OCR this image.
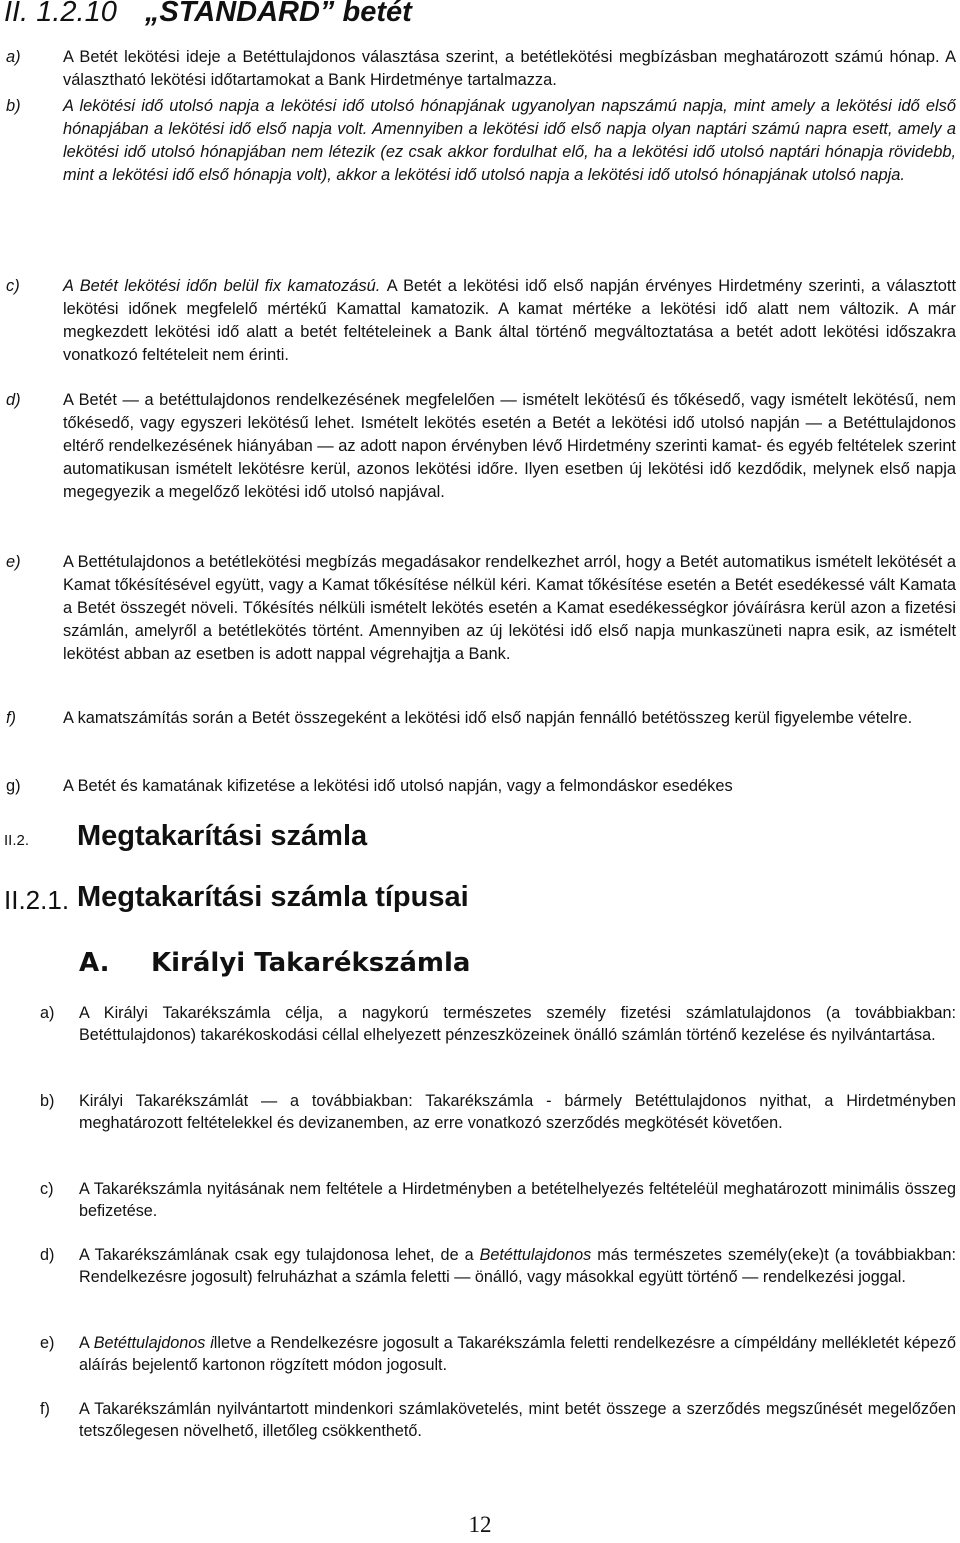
II. 1.2.10 „STANDARD” betét
a)	A Betét lekötési ideje a Betéttulajdonos választása szerint, a betétlekötési megbízásban meghatározott számú hónap. A választható lekötési időtartamokat a Bank Hirdetménye tartalmazza.
b)	A lekötési idő utolsó napja a lekötési idő utolsó hónapjának ugyanolyan napszámú napja, mint amely a lekötési idő első hónapjában a lekötési idő első napja volt. Amennyiben a lekötési idő első napja olyan naptári számú napra esett, amely a lekötési idő utolsó hónapjában nem létezik (ez csak akkor fordulhat elő, ha a lekötési idő utolsó naptári hónapja rövidebb, mint a lekötési idő első hónapja volt), akkor a lekötési idő utolsó napja a lekötési idő utolsó hónapjának utolsó napja.
c)	A Betét lekötési időn belül fix kamatozású. A Betét a lekötési idő első napján érvényes Hirdetmény szerinti, a választott lekötési időnek megfelelő mértékű Kamattal kamatozik. A kamat mértéke a lekötési idő alatt nem változik. A már megkezdett lekötési idő alatt a betét feltételeinek a Bank által történő megváltoztatása a betét adott lekötési időszakra vonatkozó feltételeit nem érinti.
d)	A Betét ― a betéttulajdonos rendelkezésének megfelelően ― ismételt lekötésű és tőkésedő, vagy ismételt lekötésű, nem tőkésedő, vagy egyszeri lekötésű lehet. Ismételt lekötés esetén a Betét a lekötési idő utolsó napján ― a Betéttulajdonos eltérő rendelkezésének hiányában ― az adott napon érvényben lévő Hirdetmény szerinti kamat- és egyéb feltételek szerint automatikusan ismételt lekötésre kerül, azonos lekötési időre. Ilyen esetben új lekötési idő kezdődik, melynek első napja megegyezik a megelőző lekötési idő utolsó napjával.
e)	A Bettétulajdonos a betétlekötési megbízás megadásakor rendelkezhet arról, hogy a Betét automatikus ismételt lekötését a Kamat tőkésítésével együtt, vagy a Kamat tőkésítése nélkül kéri. Kamat tőkésítése esetén a Betét esedékessé vált Kamata a Betét összegét növeli. Tőkésítés nélküli ismételt lekötés esetén a Kamat esedékességkor jóváírásra kerül azon a fizetési számlán, amelyről a betétlekötés történt. Amennyiben az új lekötési idő első napja munkaszüneti napra esik, az ismételt lekötést abban az esetben is adott nappal végrehajtja a Bank.
f)	A kamatszámítás során a Betét összegeként a lekötési idő első napján fennálló betétösszeg kerül figyelembe vételre.
g)	A Betét és kamatának kifizetése a lekötési idő utolsó napján, vagy a felmondáskor esedékes
II.2. Megtakarítási számla
II.2.1. Megtakarítási számla típusai
A. Királyi Takarékszámla
a) A Királyi Takarékszámla célja, a nagykorú természetes személy fizetési számlatulajdonos (a továbbiakban: Betéttulajdonos) takarékoskodási céllal elhelyezett pénzeszközeinek önálló számlán történő kezelése és nyilvántartása.
b) Királyi Takarékszámlát ― a továbbiakban: Takarékszámla - bármely Betéttulajdonos nyithat, a Hirdetményben meghatározott feltételekkel és devizanemben, az erre vonatkozó szerződés megkötését követően.
c) A Takarékszámla nyitásának nem feltétele a Hirdetményben a betételhelyezés feltételéül meghatározott minimális összeg befizetése.
d) A Takarékszámlának csak egy tulajdonosa lehet, de a Betéttulajdonos más természetes személy(eke)t (a továbbiakban: Rendelkezésre jogosult) felruházhat a számla feletti ― önálló, vagy másokkal együtt történő ― rendelkezési joggal.
e) A Betéttulajdonos illetve a Rendelkezésre jogosult a Takarékszámla feletti rendelkezésre a címpéldány mellékletét képező aláírás bejelentő kartonon rögzített módon jogosult.
f) A Takarékszámlán nyilvántartott mindenkori számlakövetelés, mint betét összege a szerződés megszűnését megelőzően tetszőlegesen növelhető, illetőleg csökkenthető.
12
